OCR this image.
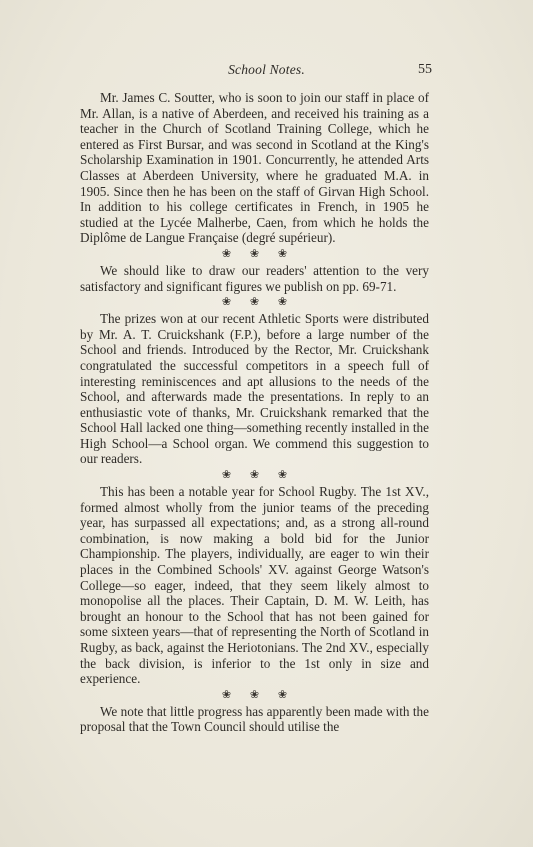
School Notes.	55

Mr. James C. Soutter, who is soon to join our staff in place of Mr. Allan, is a native of Aberdeen, and received his training as a teacher in the Church of Scotland Training College, which he entered as First Bursar, and was second in Scotland at the King's Scholarship Examination in 1901. Concurrently, he attended Arts Classes at Aberdeen University, where he graduated M.A. in 1905. Since then he has been on the staff of Girvan High School. In addition to his college certificates in French, in 1905 he studied at the Lycée Malherbe, Caen, from which he holds the Diplôme de Langue Française (degré supérieur).

❀ ❀ ❀

We should like to draw our readers' attention to the very satisfactory and significant figures we publish on pp. 69-71.

❀ ❀ ❀

The prizes won at our recent Athletic Sports were distributed by Mr. A. T. Cruickshank (F.P.), before a large number of the School and friends. Introduced by the Rector, Mr. Cruickshank congratulated the successful competitors in a speech full of interesting reminiscences and apt allusions to the needs of the School, and afterwards made the presentations. In reply to an enthusiastic vote of thanks, Mr. Cruickshank remarked that the School Hall lacked one thing—something recently installed in the High School—a School organ. We commend this suggestion to our readers.

❀ ❀ ❀

This has been a notable year for School Rugby. The 1st XV., formed almost wholly from the junior teams of the preceding year, has surpassed all expectations; and, as a strong all-round combination, is now making a bold bid for the Junior Championship. The players, individually, are eager to win their places in the Combined Schools' XV. against George Watson's College—so eager, indeed, that they seem likely almost to monopolise all the places. Their Captain, D. M. W. Leith, has brought an honour to the School that has not been gained for some sixteen years—that of representing the North of Scotland in Rugby, as back, against the Heriotonians. The 2nd XV., especially the back division, is inferior to the 1st only in size and experience.

❀ ❀ ❀

We note that little progress has apparently been made with the proposal that the Town Council should utilise the
